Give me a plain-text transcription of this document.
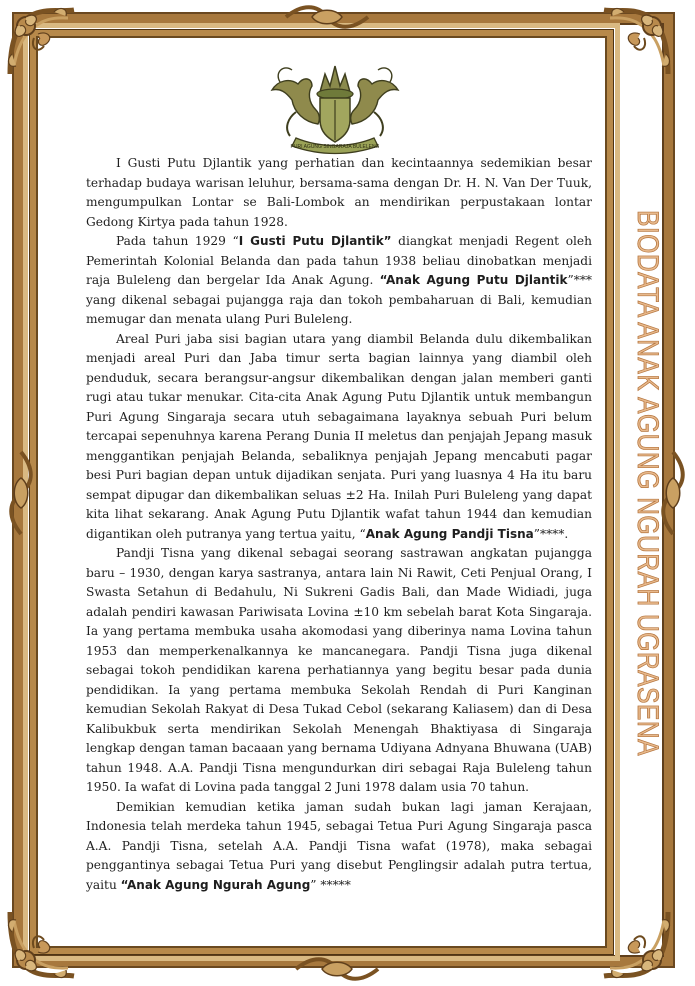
PURI AGUNG SINGARAJA BULELENG
BIODATA ANAK AGUNG NGURAH UGRASENA

I Gusti Putu Djlantik yang perhatian dan kecintaannya sedemikian besar terhadap budaya warisan leluhur, bersama-sama dengan Dr. H. N. Van Der Tuuk, mengumpulkan Lontar se Bali-Lombok an mendirikan perpustakaan lontar Gedong Kirtya pada tahun 1928.

Pada tahun 1929 “I Gusti Putu Djlantik” diangkat menjadi Regent oleh Pemerintah Kolonial Belanda dan pada tahun 1938 beliau dinobatkan menjadi raja Buleleng dan bergelar Ida Anak Agung. “Anak Agung Putu Djlantik”*** yang dikenal sebagai pujangga raja dan tokoh pembaharuan di Bali, kemudian memugar dan menata ulang Puri Buleleng.

Areal Puri jaba sisi bagian utara yang diambil Belanda dulu dikembalikan menjadi areal Puri dan Jaba timur serta bagian lainnya yang diambil oleh penduduk, secara berangsur-angsur dikembalikan dengan jalan memberi ganti rugi atau tukar menukar. Cita-cita Anak Agung Putu Djlantik untuk membangun Puri Agung Singaraja secara utuh sebagaimana layaknya sebuah Puri belum tercapai sepenuhnya karena Perang Dunia II meletus dan penjajah Jepang masuk menggantikan penjajah Belanda, sebaliknya penjajah Jepang mencabuti pagar besi Puri bagian depan untuk dijadikan senjata. Puri yang luasnya 4 Ha itu baru sempat dipugar dan dikembalikan seluas ±2 Ha. Inilah Puri Buleleng yang dapat kita lihat sekarang. Anak Agung Putu Djlantik wafat tahun 1944 dan kemudian digantikan oleh putranya yang tertua yaitu, “Anak Agung Pandji Tisna”****.

Pandji Tisna yang dikenal sebagai seorang sastrawan angkatan pujangga baru – 1930, dengan karya sastranya, antara lain Ni Rawit, Ceti Penjual Orang, I Swasta Setahun di Bedahulu, Ni Sukreni Gadis Bali, dan Made Widiadi, juga adalah pendiri kawasan Pariwisata Lovina ±10 km sebelah barat Kota Singaraja. Ia yang pertama membuka usaha akomodasi yang diberinya nama Lovina tahun 1953 dan memperkenalkannya ke mancanegara. Pandji Tisna juga dikenal sebagai tokoh pendidikan karena perhatiannya yang begitu besar pada dunia pendidikan. Ia yang pertama membuka Sekolah Rendah di Puri Kanginan kemudian Sekolah Rakyat di Desa Tukad Cebol (sekarang Kaliasem) dan di Desa Kalibukbuk serta mendirikan Sekolah Menengah Bhaktiyasa di Singaraja lengkap dengan taman bacaaan yang bernama Udiyana Adnyana Bhuwana (UAB) tahun 1948. A.A. Pandji Tisna mengundurkan diri sebagai Raja Buleleng tahun 1950. Ia wafat di Lovina pada tanggal 2 Juni 1978 dalam usia 70 tahun.

Demikian kemudian ketika jaman sudah bukan lagi jaman Kerajaan, Indonesia telah merdeka tahun 1945, sebagai Tetua Puri Agung Singaraja pasca A.A. Pandji Tisna, setelah A.A. Pandji Tisna wafat (1978), maka sebagai penggantinya sebagai Tetua Puri yang disebut Penglingsir adalah putra tertua, yaitu “Anak Agung Ngurah Agung” *****
